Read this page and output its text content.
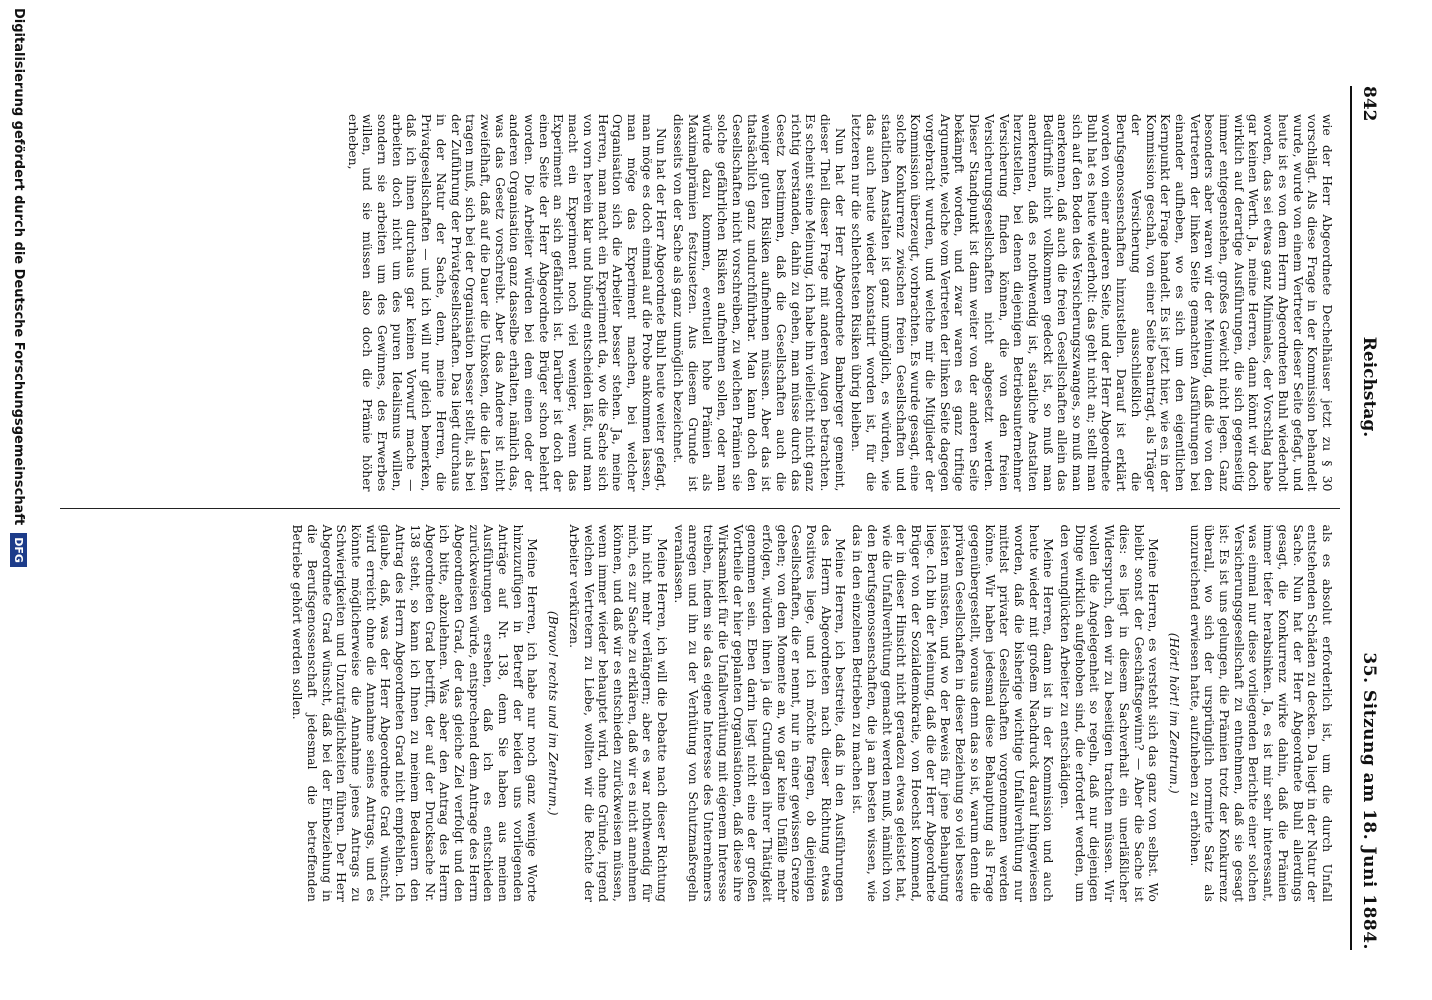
842
Reichstag.
35. Sitzung am 18. Juni 1884.

wie der Herr Abgeordnete Dechelhäuser jetzt zu § 30 vorschlägt. Als diese Frage in der Kommission behandelt wurde, wurde von einem Vertreter dieser Seite gefagt, und heute ist es von dem Herrn Abgeordneten Buhl wiederholt worden, das sei etwas ganz Minimales, der Vorschlag habe gar keinen Werth. Ja, meine Herren, dann könnt wir doch wirklich auf derartige Ausführungen, die sich gegenseitig immer entgegenstehen, großes Gewicht nicht legen. Ganz besonders aber waren wir der Meinung, daß die von den Vertretern der linken Seite gemachten Ausführungen bei einander aufheben, wo es sich um den eigentlichen Kernpunkt der Frage handelt. Es ist jetzt hier, wie es in der Kommission geschah, von einer Seite beantragt, als Träger der Versicherung ausschließlich die Berufsgenossenschaften hinzustellen. Darauf ist erklärt worden von einer anderen Seite, und der Herr Abgeordnete Buhl hat es heute wiederholt: das geht nicht an; stellt man sich auf den Boden des Versicherungszwanges, so muß man anerkennen, daß auch die freien Gesellschaften allein das Bedürfniß nicht vollkommen gedeckt ist, so muß man anerkennen, daß es nothwendig ist, staatliche Anstalten herzustellen, bei denen diejenigen Betriebsunternehmer Versicherung finden können, die von den freien Versicherungsgesellschaften nicht abgesetzt werden. Dieser Standpunkt ist dann weiter von der anderen Seite bekämpft worden, und zwar waren es ganz triftige Argumente, welche vom Vertreten der linken Seite dagegen vorgebracht wurden, und welche mir die Mitglieder der Kommission überzeugt, vorbrachten. Es wurde gesagt, eine solche Konkurrenz zwischen freien Gesellschaften und staatlichen Anstalten ist ganz unmöglich, es würden, wie das auch heute wieder konstatirt worden ist, für die letzteren nur die schlechtesten Risiken übrig bleiben.

Nun hat der Herr Abgeordnete Bamberger gemeint, dieser Theil dieser Frage mit anderen Augen betrachten. Es scheint seine Meinung, ich habe ihn vielleicht nicht ganz richtig verstanden, dahin zu gehen, man müsse durch das Gesetz bestimmen, daß die Gesellschaften auch die weniger guten Risiken aufnehmen müssen. Aber das ist thatsächlich ganz undurchführbar. Man kann doch den Gesellschaften nicht vorschreiben, zu welchen Prämien sie solche gefährlichen Risiken aufnehmen sollen, oder man würde dazu kommen, eventuell hohe Prämien als Maximalprämien festzusetzen. Aus diesem Grunde ist diesseits von der Sache als ganz unmöglich bezeichnet.

Nun hat der Herr Abgeordnete Buhl heute weiter gefagt, man möge es doch einmal auf die Probe ankommen lassen, man möge das Experiment machen, bei welcher Organisation sich die Arbeiter besser stehen. Ja, meine Herren, man macht ein Experiment da, wo die Sache sich von vorn herein klar und bündig entscheiden läßt, und man macht ein Experiment noch viel weniger, wenn das Experiment an sich gefährlich ist. Darüber ist doch der einen Seite der Herr Abgeordnete Brüger schon belehrt worden. Die Arbeiter würden bei dem einen oder der anderen Organisation ganz dasselbe erhalten, nämlich das, was das Gesetz vorschreibt. Aber das Andere ist nicht zweifelhaft, daß auf die Dauer die Unkosten, die die Lasten tragen muß, sich bei der Organisation besser stellt, als bei der Zuführung der Privatgesellschaften. Das liegt durchaus in der Natur der Sache, denn, meine Herren, die Privatgesellschaften — und ich will nur gleich bemerken, daß ich ihnen durchaus gar keinen Vorwurf mache — arbeiten doch nicht um des puren Idealismus willen, sondern sie arbeiten um des Gewinnes, des Erwerbes willen, und sie müssen also doch die Prämie höher erheben,

als es absolut erforderlich ist, um die durch Unfall entstehenden Schäden zu decken. Da liegt in der Natur der Sache. Nun hat der Herr Abgeordnete Buhl allerdings gesagt, die Konkurrenz wirke dahin, daß die Prämien immer tiefer herabsinken. Ja, es ist mir sehr interessant, was einmal nur diese vorliegenden Berichte einer solchen Versicherungsgesellschaft zu entnehmen, daß sie gesagt ist: Es ist uns gelungen, die Prämien trotz der Konkurrenz überall, wo sich der ursprünglich normirte Satz als unzureichend erwiesen hatte, aufzuheben zu erhöhen.

(Hört! hört! im Zentrum.)

Meine Herren, es versteht sich das ganz von selbst. Wo bleibt sonst der Geschäftsgewinn? — Aber die Sache ist dies: es liegt in diesem Sachverhalt ein unerläßlicher Widerspruch, den wir zu beseitigen trachten müssen. Wir wollen die Angelegenheit so regeln, daß nur diejenigen Dinge wirklich aufgehoben sind, die erfordert werden, um den verunglückten Arbeiter zu entschädigen.

Meine Herren, dann ist in der Kommission und auch heute wieder mit großem Nachdruck darauf hingewiesen worden, daß die bisherige wichtige Unfallverhütung nur mittelst privater Gesellschaften vorgenommen werden könne. Wir haben jedesmal diese Behauptung als Frage gegenübergestellt, woraus denn das so ist, warum denn die privaten Gesellschaften in dieser Beziehung so viel bessere leisten müssten, und wo der Beweis für jene Behauptung liege. Ich bin der Meinung, daß die der Herr Abgeordnete Brüger von der Sozialdemokratie, von Hoechst kommend, der in dieser Hinsicht nicht geradezu etwas geleistet hat, wie die Unfallverhütung gemacht werden muß, nämlich von den Berufsgenossenschaften, die ja am besten wissen, wie das in den einzelnen Betrieben zu machen ist.

Meine Herren, ich bestreite, daß in den Ausführungen des Herrn Abgeordneten nach dieser Richtung etwas Positives liege, und ich möchte fragen, ob diejenigen Gesellschaften, die er nennt, nur in einer gewissen Grenze gehen; von dem Momente an, wo gar keine Unfälle mehr erfolgen, würden ihnen ja die Grundlagen ihrer Thätigkeit genommen sein. Eben darin liegt nicht eine der großen Vortheile der hier geplanten Organisationen, daß diese ihre Wirksamkeit für die Unfallverhütung mit eigenem Interesse treiben, indem sie das eigene Interesse des Unternehmers anregen und ihn zu der Verhütung von Schutzmaßregeln veranlassen.

Meine Herren, ich will die Debatte nach dieser Richtung hin nicht mehr verlängern; aber es war nothwendig für mich, es zur Sache zu erklären, daß wir es nicht annehmen können, und daß wir es entschieden zurückweisen müssen, wenn immer wieder behauptet wird, ohne Gründe, irgend welchen Vertretern zu Liebe, wollten wir die Rechte der Arbeiter verkürzen.

(Bravo! rechts und im Zentrum.)

Meine Herren, ich habe nur noch ganz wenige Worte hinzuzufügen in Betreff der beiden uns vorliegenden Anträge auf Nr. 138, denn Sie haben aus meinen Ausführungen ersehen, daß ich es entschieden zurückweisen würde, entsprechend dem Antrage des Herrn Abgeordneten Grad, der das gleiche Ziel verfolgt und den ich bitte, abzulehnen. Was aber den Antrag des Herrn Abgeordneten Grad betrifft, der auf der Drucksache Nr. 138 steht, so kann ich Ihnen zu meinem Bedauern den Antrag des Herrn Abgeordneten Grad nicht empfehlen. Ich glaube, daß, was der Herr Abgeordnete Grad wünscht, wird erreicht ohne die Annahme seines Antrags, und es könnte möglicherweise die Annahme jenes Antrags zu Schwierigkeiten und Unzuträglichkeiten führen. Der Herr Abgeordnete Grad wünscht, daß bei der Einbeziehung in die Berufsgenossenschaft jedesmal die betreffenden Betriebe gehört werden sollen.

Digitalisierung gefördert durch die Deutsche Forschungsgemeinschaft
DFG
